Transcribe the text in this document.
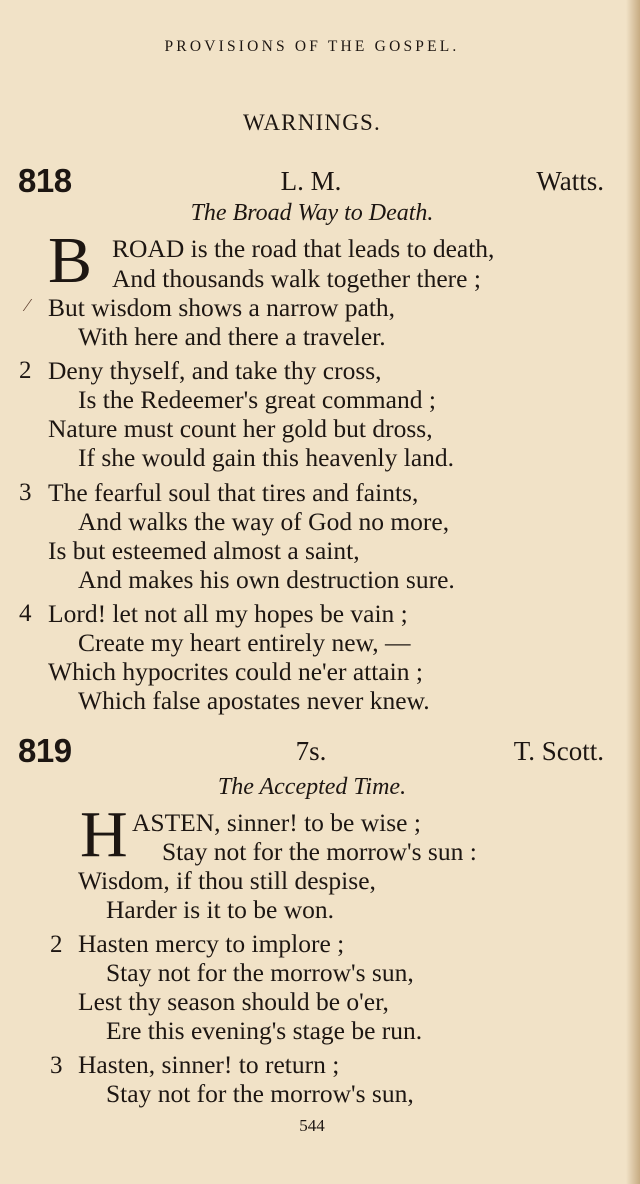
PROVISIONS OF THE GOSPEL.
WARNINGS.
818	L. M.	Watts.
The Broad Way to Death.
B ROAD is the road that leads to death,
And thousands walk together there ;
⁄ But wisdom shows a narrow path,
With here and there a traveler.
2 Deny thyself, and take thy cross,
Is the Redeemer's great command ;
Nature must count her gold but dross,
If she would gain this heavenly land.
3 The fearful soul that tires and faints,
And walks the way of God no more,
Is but esteemed almost a saint,
And makes his own destruction sure.
4 Lord! let not all my hopes be vain ;
Create my heart entirely new, —
Which hypocrites could ne'er attain ;
Which false apostates never knew.
819	7s.	T. Scott.
The Accepted Time.
H ASTEN, sinner! to be wise ;
Stay not for the morrow's sun :
Wisdom, if thou still despise,
Harder is it to be won.
2 Hasten mercy to implore ;
Stay not for the morrow's sun,
Lest thy season should be o'er,
Ere this evening's stage be run.
3 Hasten, sinner! to return ;
Stay not for the morrow's sun,
544
